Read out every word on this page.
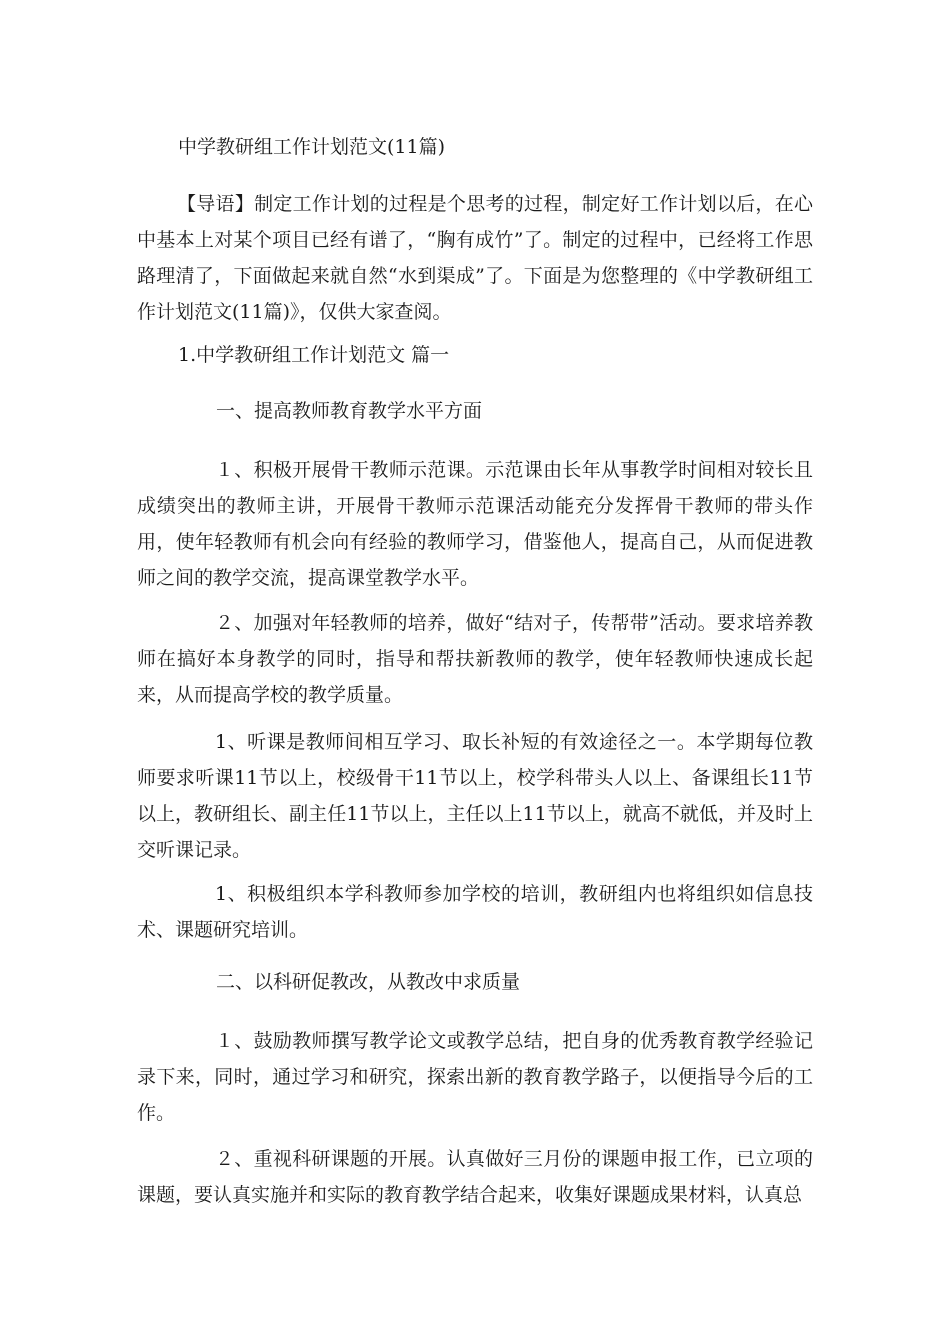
中学教研组工作计划范文(11篇)

【导语】制定工作计划的过程是个思考的过程，制定好工作计划以后，在心中基本上对某个项目已经有谱了，“胸有成竹”了。制定的过程中，已经将工作思路理清了，下面做起来就自然“水到渠成”了。下面是为您整理的《中学教研组工作计划范文(11篇)》，仅供大家查阅。

1.中学教研组工作计划范文 篇一

一、提高教师教育教学水平方面

１、积极开展骨干教师示范课。示范课由长年从事教学时间相对较长且成绩突出的教师主讲，开展骨干教师示范课活动能充分发挥骨干教师的带头作用，使年轻教师有机会向有经验的教师学习，借鉴他人，提高自己，从而促进教师之间的教学交流，提高课堂教学水平。

２、加强对年轻教师的培养，做好“结对子，传帮带”活动。要求培养教师在搞好本身教学的同时，指导和帮扶新教师的教学，使年轻教师快速成长起来，从而提高学校的教学质量。

1、听课是教师间相互学习、取长补短的有效途径之一。本学期每位教师要求听课11节以上，校级骨干11节以上，校学科带头人以上、备课组长11节以上，教研组长、副主任11节以上，主任以上11节以上，就高不就低，并及时上交听课记录。

1、积极组织本学科教师参加学校的培训，教研组内也将组织如信息技术、课题研究培训。

二、以科研促教改，从教改中求质量

１、鼓励教师撰写教学论文或教学总结，把自身的优秀教育教学经验记录下来，同时，通过学习和研究，探索出新的教育教学路子，以便指导今后的工作。

２、重视科研课题的开展。认真做好三月份的课题申报工作，已立项的课题，要认真实施并和实际的教育教学结合起来，收集好课题成果材料，认真总
